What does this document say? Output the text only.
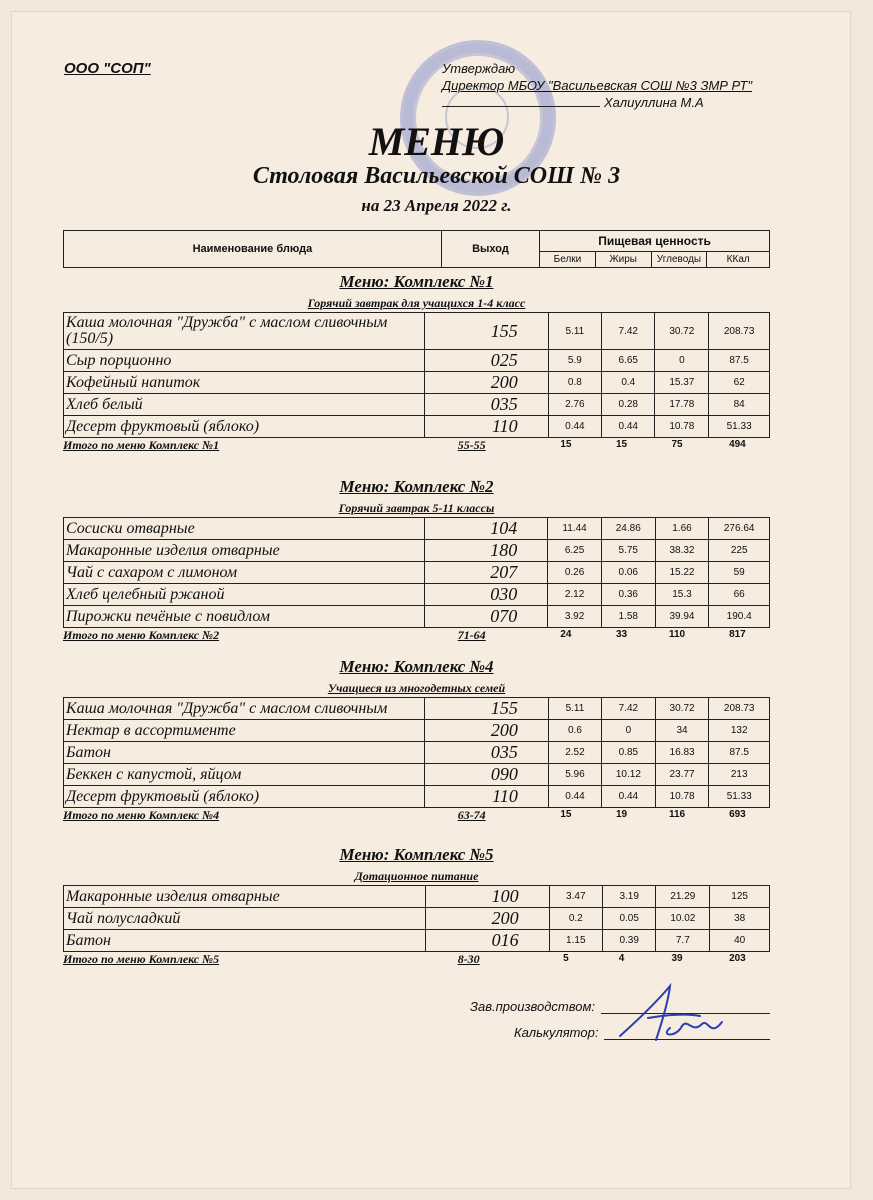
ООО "СОП"	Утверждаю
Директор МБОУ "Васильевская СОШ №3 ЗМР РТ"
Халиуллина М.А
МЕНЮ
Столовая Васильевской СОШ № 3
на 23 Апреля 2022 г.
Наименование блюда	Выход	Пищевая ценность			
		Белки	Жиры	Углеводы	ККал
Меню: Комплекс №1
Горячий завтрак для учащихся 1-4 класс
Каша молочная "Дружба" с маслом сливочным (150/5)	155	5.11	7.42	30.72	208.73
Сыр порционно	025	5.9	6.65	0	87.5
Кофейный напиток	200	0.8	0.4	15.37	62
Хлеб белый	035	2.76	0.28	17.78	84
Десерт фруктовый (яблоко)	110	0.44	0.44	10.78	51.33
Итого по меню Комплекс №1	55-55	15	15	75	494
Меню: Комплекс №2
Горячий завтрак 5-11 классы
Сосиски отварные	104	11.44	24.86	1.66	276.64
Макаронные изделия отварные	180	6.25	5.75	38.32	225
Чай с сахаром с лимоном	207	0.26	0.06	15.22	59
Хлеб целебный ржаной	030	2.12	0.36	15.3	66
Пирожки печёные с повидлом	070	3.92	1.58	39.94	190.4
Итого по меню Комплекс №2	71-64	24	33	110	817
Меню: Комплекс №4
Учащиеся из многодетных семей
Каша молочная "Дружба" с маслом сливочным	155	5.11	7.42	30.72	208.73
Нектар в ассортименте	200	0.6	0	34	132
Батон	035	2.52	0.85	16.83	87.5
Беккен с капустой, яйцом	090	5.96	10.12	23.77	213
Десерт фруктовый (яблоко)	110	0.44	0.44	10.78	51.33
Итого по меню Комплекс №4	63-74	15	19	116	693
Меню: Комплекс №5
Дотационное питание
Макаронные изделия отварные	100	3.47	3.19	21.29	125
Чай полусладкий	200	0.2	0.05	10.02	38
Батон	016	1.15	0.39	7.7	40
Итого по меню Комплекс №5	8-30	5	4	39	203
Зав.производством:
Калькулятор:
